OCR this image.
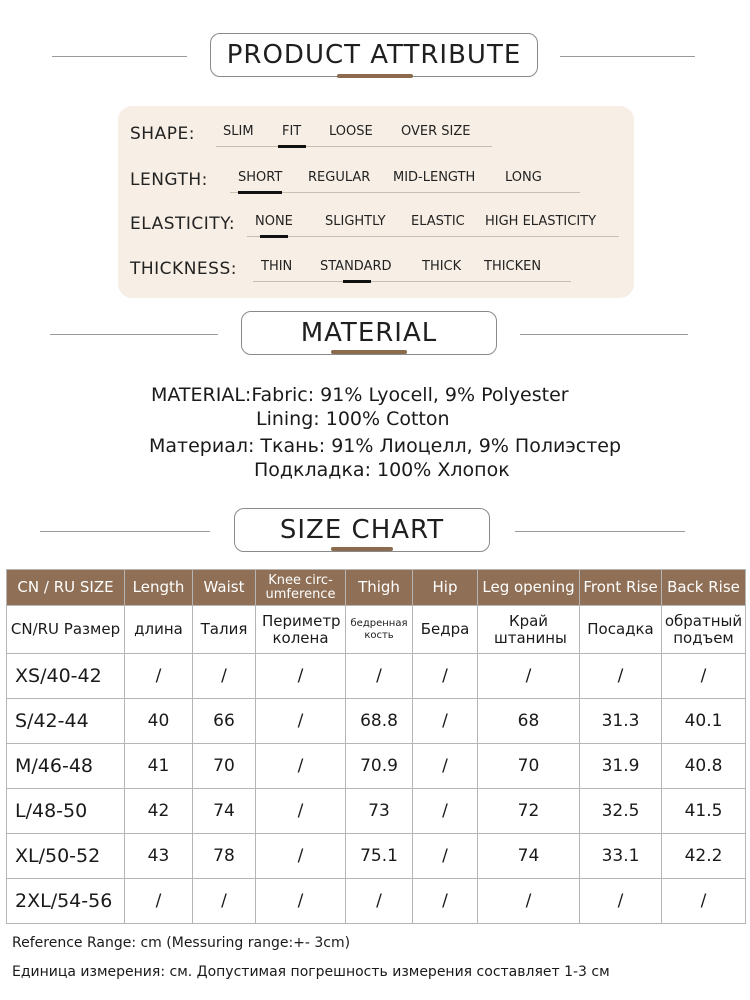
PRODUCT ATTRIBUTE
SHAPE: SLIM FIT LOOSE OVER SIZE
LENGTH: SHORT REGULAR MID-LENGTH LONG
ELASTICITY: NONE SLIGHTLY ELASTIC HIGH ELASTICITY
THICKNESS: THIN STANDARD THICK THICKEN
MATERIAL
MATERIAL:Fabric: 91% Lyocell, 9% Polyester
Lining: 100% Cotton
Материал: Ткань: 91% Лиоцелл, 9% Полиэстер
Подкладка: 100% Хлопок
SIZE CHART
CN / RU SIZE	Length	Waist	Knee circ-umference	Thigh	Hip	Leg opening	Front Rise	Back Rise
CN/RU Размер	длина	Талия	Периметр колена	бедренная кость	Бедра	Край штанины	Посадка	обратный подъем
XS/40-42	/	/	/	/	/	/	/	/
S/42-44	40	66	/	68.8	/	68	31.3	40.1
M/46-48	41	70	/	70.9	/	70	31.9	40.8
L/48-50	42	74	/	73	/	72	32.5	41.5
XL/50-52	43	78	/	75.1	/	74	33.1	42.2
2XL/54-56	/	/	/	/	/	/	/	/
Reference Range: cm (Messuring range:+- 3cm)
Единица измерения: см. Допустимая погрешность измерения составляет 1-3 см
